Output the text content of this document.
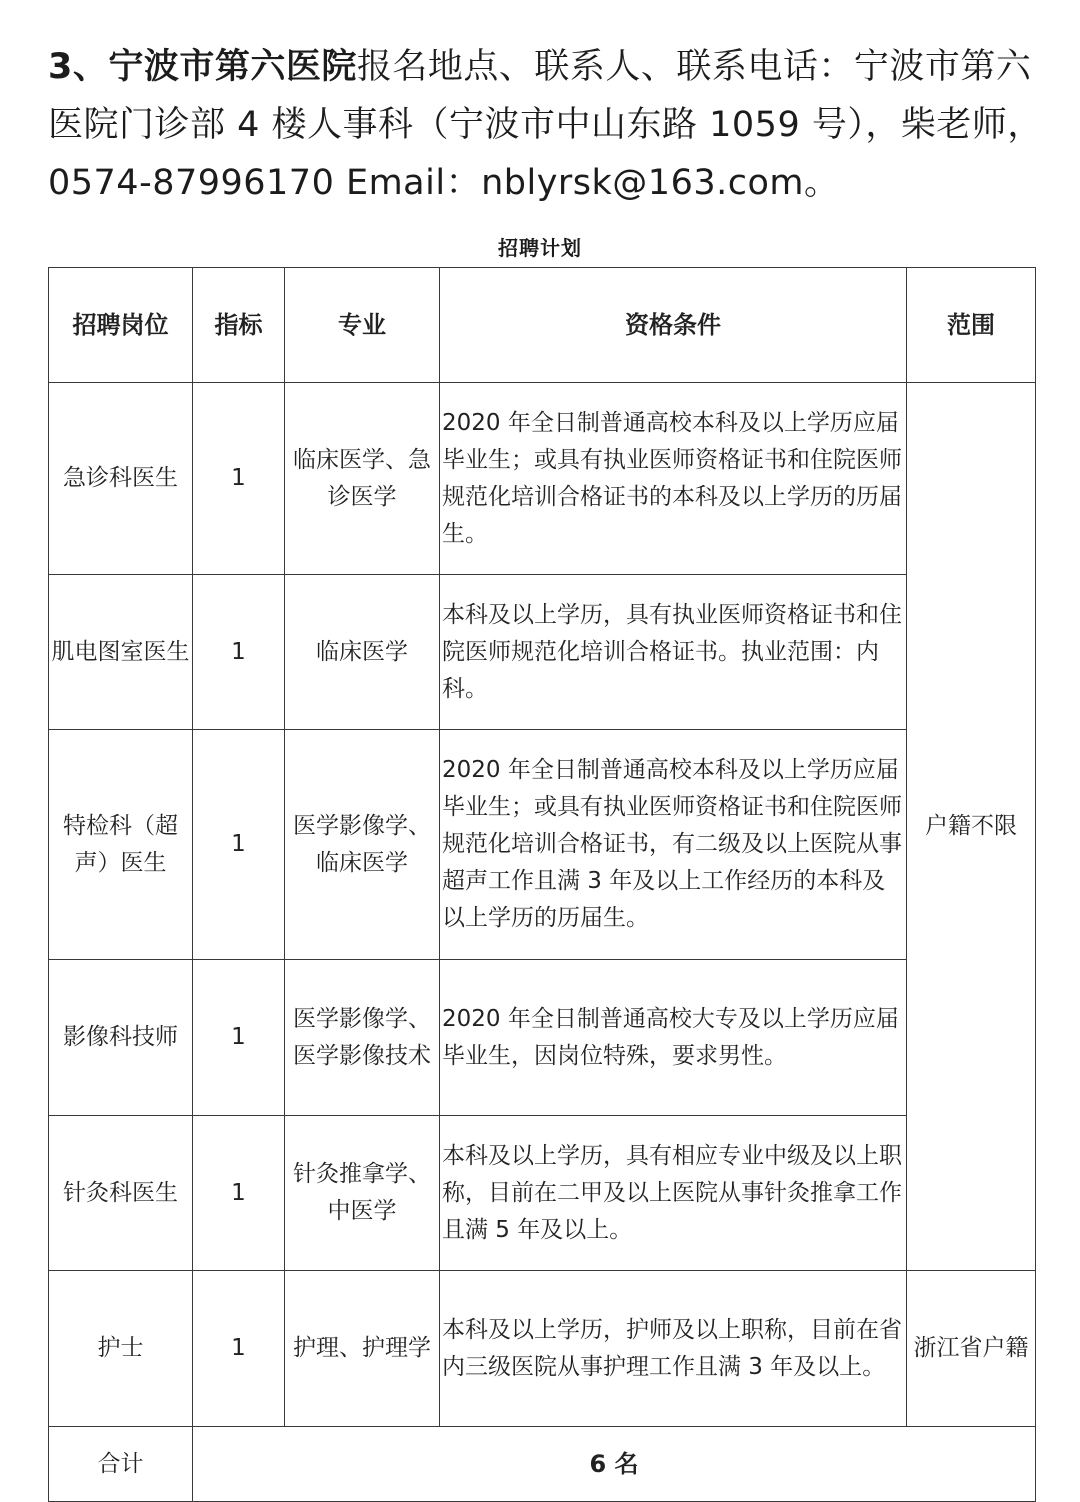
3、宁波市第六医院报名地点、联系人、联系电话：宁波市第六医院门诊部 4 楼人事科（宁波市中山东路 1059 号），柴老师，0574-87996170 Email：nblyrsk@163.com。
招聘计划
招聘岗位	指标	专业	资格条件	范围
急诊科医生	1	临床医学、急诊医学	2020 年全日制普通高校本科及以上学历应届毕业生；或具有执业医师资格证书和住院医师规范化培训合格证书的本科及以上学历的历届生。	户籍不限
肌电图室医生	1	临床医学	本科及以上学历，具有执业医师资格证书和住院医师规范化培训合格证书。执业范围：内科。	
特检科（超声）医生	1	医学影像学、临床医学	2020 年全日制普通高校本科及以上学历应届毕业生；或具有执业医师资格证书和住院医师规范化培训合格证书，有二级及以上医院从事超声工作且满 3 年及以上工作经历的本科及以上学历的历届生。	
影像科技师	1	医学影像学、医学影像技术	2020 年全日制普通高校大专及以上学历应届毕业生，因岗位特殊，要求男性。	
针灸科医生	1	针灸推拿学、中医学	本科及以上学历，具有相应专业中级及以上职称，目前在二甲及以上医院从事针灸推拿工作且满 5 年及以上。	
护士	1	护理、护理学	本科及以上学历，护师及以上职称，目前在省内三级医院从事护理工作且满 3 年及以上。	浙江省户籍
合计	6 名			
